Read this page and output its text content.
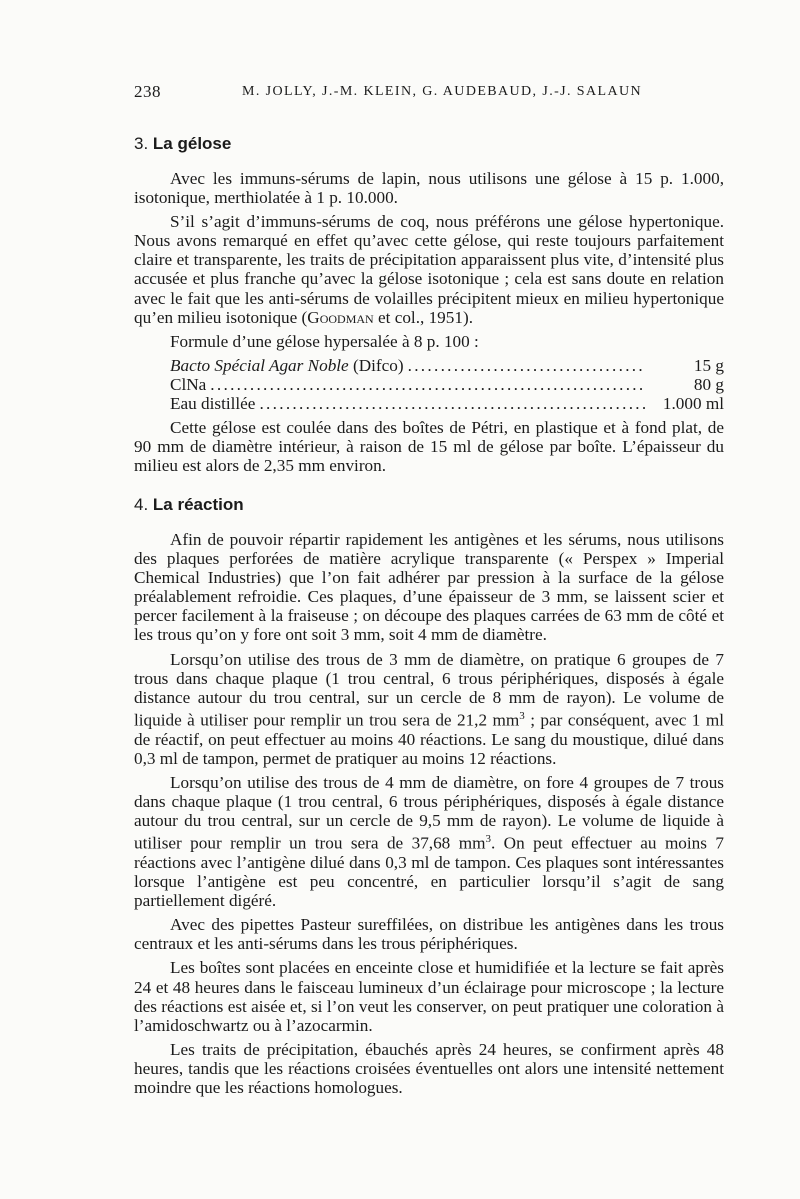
238	M. JOLLY, J.-M. KLEIN, G. AUDEBAUD, J.-J. SALAUN
3. La gélose

Avec les immuns-sérums de lapin, nous utilisons une gélose à 15 p. 1.000, isotonique, merthiolatée à 1 p. 10.000.

S’il s’agit d’immuns-sérums de coq, nous préférons une gélose hypertonique. Nous avons remarqué en effet qu’avec cette gélose, qui reste toujours parfaitement claire et transparente, les traits de précipitation apparaissent plus vite, d’intensité plus accusée et plus franche qu’avec la gélose isotonique ; cela est sans doute en relation avec le fait que les anti-sérums de volailles précipitent mieux en milieu hypertonique qu’en milieu isotonique (Goodman et col., 1951).

Formule d’une gélose hypersalée à 8 p. 100 :

Bacto Spécial Agar Noble (Difco) . . .	15 g
ClNa . . .	80 g
Eau distillée . . .	1.000 ml

Cette gélose est coulée dans des boîtes de Pétri, en plastique et à fond plat, de 90 mm de diamètre intérieur, à raison de 15 ml de gélose par boîte. L’épaisseur du milieu est alors de 2,35 mm environ.

4. La réaction

Afin de pouvoir répartir rapidement les antigènes et les sérums, nous utilisons des plaques perforées de matière acrylique transparente (« Perspex » Imperial Chemical Industries) que l’on fait adhérer par pression à la surface de la gélose préalablement refroidie. Ces plaques, d’une épaisseur de 3 mm, se laissent scier et percer facilement à la fraiseuse ; on découpe des plaques carrées de 63 mm de côté et les trous qu’on y fore ont soit 3 mm, soit 4 mm de diamètre.

Lorsqu’on utilise des trous de 3 mm de diamètre, on pratique 6 groupes de 7 trous dans chaque plaque (1 trou central, 6 trous périphériques, disposés à égale distance autour du trou central, sur un cercle de 8 mm de rayon). Le volume de liquide à utiliser pour remplir un trou sera de 21,2 $mm^3$ ; par conséquent, avec 1 ml de réactif, on peut effectuer au moins 40 réactions. Le sang du moustique, dilué dans 0,3 ml de tampon, permet de pratiquer au moins 12 réactions.

Lorsqu’on utilise des trous de 4 mm de diamètre, on fore 4 groupes de 7 trous dans chaque plaque (1 trou central, 6 trous périphériques, disposés à égale distance autour du trou central, sur un cercle de 9,5 mm de rayon). Le volume de liquide à utiliser pour remplir un trou sera de 37,68 $mm^3$. On peut effectuer au moins 7 réactions avec l’antigène dilué dans 0,3 ml de tampon. Ces plaques sont intéressantes lorsque l’antigène est peu concentré, en particulier lorsqu’il s’agit de sang partiellement digéré.

Avec des pipettes Pasteur sureffilées, on distribue les antigènes dans les trous centraux et les anti-sérums dans les trous périphériques.

Les boîtes sont placées en enceinte close et humidifiée et la lecture se fait après 24 et 48 heures dans le faisceau lumineux d’un éclairage pour microscope ; la lecture des réactions est aisée et, si l’on veut les conserver, on peut pratiquer une coloration à l’amidoschwartz ou à l’azocarmin.

Les traits de précipitation, ébauchés après 24 heures, se confirment après 48 heures, tandis que les réactions croisées éventuelles ont alors une intensité nettement moindre que les réactions homologues.
